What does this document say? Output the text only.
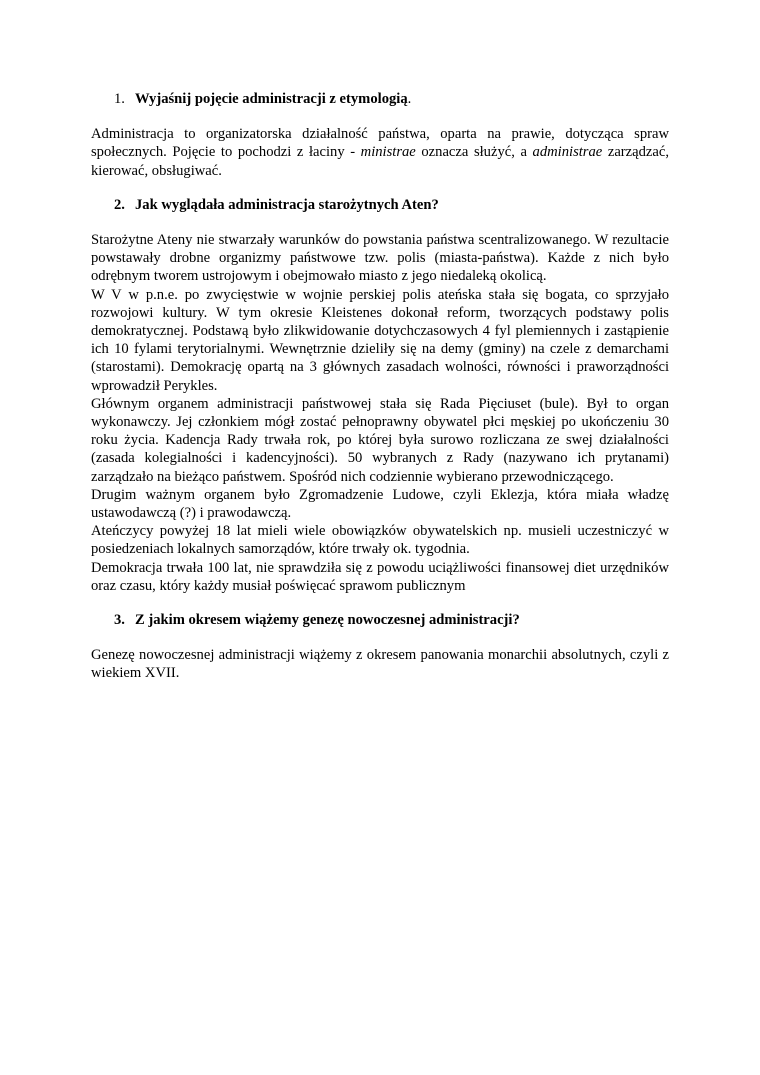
1. Wyjaśnij pojęcie administracji z etymologią.

Administracja to organizatorska działalność państwa, oparta na prawie, dotycząca spraw społecznych. Pojęcie to pochodzi z łaciny - ministrae oznacza służyć, a administrae zarządzać, kierować, obsługiwać.

2. Jak wyglądała administracja starożytnych Aten?

Starożytne Ateny nie stwarzały warunków do powstania państwa scentralizowanego. W rezultacie powstawały drobne organizmy państwowe tzw. polis (miasta-państwa). Każde z nich było odrębnym tworem ustrojowym i obejmowało miasto z jego niedaleką okolicą.

W V w p.n.e. po zwycięstwie w wojnie perskiej polis ateńska stała się bogata, co sprzyjało rozwojowi kultury. W tym okresie Kleistenes dokonał reform, tworzących podstawy polis demokratycznej. Podstawą było zlikwidowanie dotychczasowych 4 fyl plemiennych i zastąpienie ich 10 fylami terytorialnymi. Wewnętrznie dzieliły się na demy (gminy) na czele z demarchami (starostami). Demokrację opartą na 3 głównych zasadach wolności, równości i praworządności wprowadził Perykles.

Głównym organem administracji państwowej stała się Rada Pięciuset (bule). Był to organ wykonawczy. Jej członkiem mógł zostać pełnoprawny obywatel płci męskiej po ukończeniu 30 roku życia. Kadencja Rady trwała rok, po której była surowo rozliczana ze swej działalności (zasada kolegialności i kadencyjności). 50 wybranych z Rady (nazywano ich prytanami) zarządzało na bieżąco państwem. Spośród nich codziennie wybierano przewodniczącego.

Drugim ważnym organem było Zgromadzenie Ludowe, czyli Eklezja, która miała władzę ustawodawczą (?) i prawodawczą.

Ateńczycy powyżej 18 lat mieli wiele obowiązków obywatelskich np. musieli uczestniczyć w posiedzeniach lokalnych samorządów, które trwały ok. tygodnia.

Demokracja trwała 100 lat, nie sprawdziła się z powodu uciążliwości finansowej diet urzędników oraz czasu, który każdy musiał poświęcać sprawom publicznym

3. Z jakim okresem wiążemy genezę nowoczesnej administracji?

Genezę nowoczesnej administracji wiążemy z okresem panowania monarchii absolutnych, czyli z wiekiem XVII.
